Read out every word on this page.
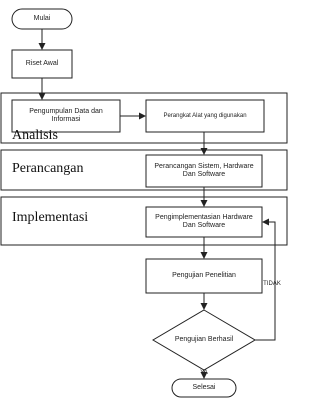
Mulai
Riset Awal
Pengumpulan Data dan Informasi
Perangkat Alat yang digunakan
Perancangan Sistem, Hardware Dan Software
Pengimplementasian Hardware Dan Software
Pengujian Penelitian
Pengujian Berhasil
Selesai
Analisis
Perancangan
Implementasi
YA
TIDAK
